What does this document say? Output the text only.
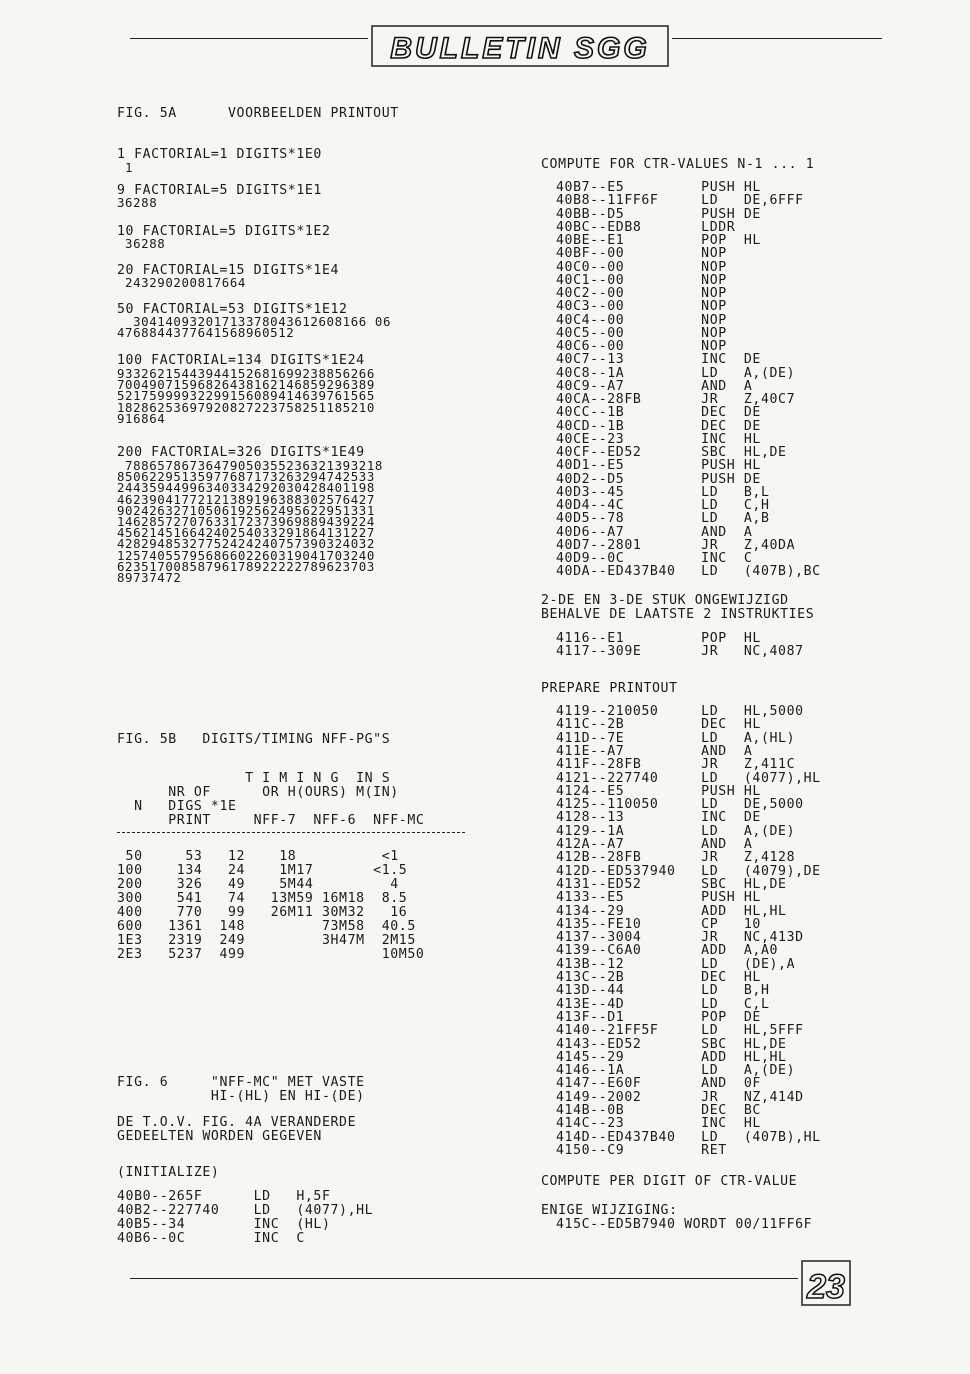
BULLETIN SGG
FIG. 5A      VOORBEELDEN PRINTOUT
1 FACTORIAL=1 DIGITS*1E0
1
9 FACTORIAL=5 DIGITS*1E1
36288
10 FACTORIAL=5 DIGITS*1E2
36288
20 FACTORIAL=15 DIGITS*1E4
243290200817664
50 FACTORIAL=53 DIGITS*1E12
30414093201713378043612608166 06
4768844377641568960512
100 FACTORIAL=134 DIGITS*1E24
93326215443944152681699238856266
70049071596826438162146859296389
52175999932299156089414639761565
18286253697920827223758251185210
916864
200 FACTORIAL=326 DIGITS*1E49
78865786736479050355236321393218
85062295135977687173263294742533
24435944996340334292030428401198
46239041772121389196388302576427
90242632710506192562495622951331
14628572707633172373969889439224
45621451664240254033291864131227
42829485327752424240757390324032
12574055795686602260319041703240
62351700858796178922222789623703
89737472
FIG. 5B   DIGITS/TIMING NFF-PG"S
T I M I N G  IN S
NR OF      OR H(OURS) M(IN)
N   DIGS *1E
PRINT     NFF-7  NFF-6  NFF-MC
50     53   12    18          <1
100    134   24    1M17       <1.5
200    326   49    5M44         4
300    541   74   13M59 16M18  8.5
400    770   99   26M11 30M32   16
600   1361  148         73M58  40.5
1E3   2319  249         3H47M  2M15
2E3   5237  499                10M50
FIG. 6     "NFF-MC" MET VASTE
HI-(HL) EN HI-(DE)
DE T.O.V. FIG. 4A VERANDERDE
GEDEELTEN WORDEN GEGEVEN
(INITIALIZE)
40B0--265F      LD   H,5F
40B2--227740    LD   (4077),HL
40B5--34        INC  (HL)
40B6--0C        INC  C
COMPUTE FOR CTR-VALUES N-1 ... 1
40B7--E5         PUSH HL
40B8--11FF6F     LD   DE,6FFF
40BB--D5         PUSH DE
40BC--EDB8       LDDR
40BE--E1         POP  HL
40BF--00         NOP
40C0--00         NOP
40C1--00         NOP
40C2--00         NOP
40C3--00         NOP
40C4--00         NOP
40C5--00         NOP
40C6--00         NOP
40C7--13         INC  DE
40C8--1A         LD   A,(DE)
40C9--A7         AND  A
40CA--28FB       JR   Z,40C7
40CC--1B         DEC  DE
40CD--1B         DEC  DE
40CE--23         INC  HL
40CF--ED52       SBC  HL,DE
40D1--E5         PUSH HL
40D2--D5         PUSH DE
40D3--45         LD   B,L
40D4--4C         LD   C,H
40D5--78         LD   A,B
40D6--A7         AND  A
40D7--2801       JR   Z,40DA
40D9--0C         INC  C
40DA--ED437B40   LD   (407B),BC
2-DE EN 3-DE STUK ONGEWIJZIGD
BEHALVE DE LAATSTE 2 INSTRUKTIES
4116--E1         POP  HL
4117--309E       JR   NC,4087
PREPARE PRINTOUT
4119--210050     LD   HL,5000
411C--2B         DEC  HL
411D--7E         LD   A,(HL)
411E--A7         AND  A
411F--28FB       JR   Z,411C
4121--227740     LD   (4077),HL
4124--E5         PUSH HL
4125--110050     LD   DE,5000
4128--13         INC  DE
4129--1A         LD   A,(DE)
412A--A7         AND  A
412B--28FB       JR   Z,4128
412D--ED537940   LD   (4079),DE
4131--ED52       SBC  HL,DE
4133--E5         PUSH HL
4134--29         ADD  HL,HL
4135--FE10       CP   10
4137--3004       JR   NC,413D
4139--C6A0       ADD  A,A0
413B--12         LD   (DE),A
413C--2B         DEC  HL
413D--44         LD   B,H
413E--4D         LD   C,L
413F--D1         POP  DE
4140--21FF5F     LD   HL,5FFF
4143--ED52       SBC  HL,DE
4145--29         ADD  HL,HL
4146--1A         LD   A,(DE)
4147--E60F       AND  0F
4149--2002       JR   NZ,414D
414B--0B         DEC  BC
414C--23         INC  HL
414D--ED437B40   LD   (407B),HL
4150--C9         RET
COMPUTE PER DIGIT OF CTR-VALUE
ENIGE WIJZIGING:
415C--ED5B7940 WORDT 00/11FF6F
23
